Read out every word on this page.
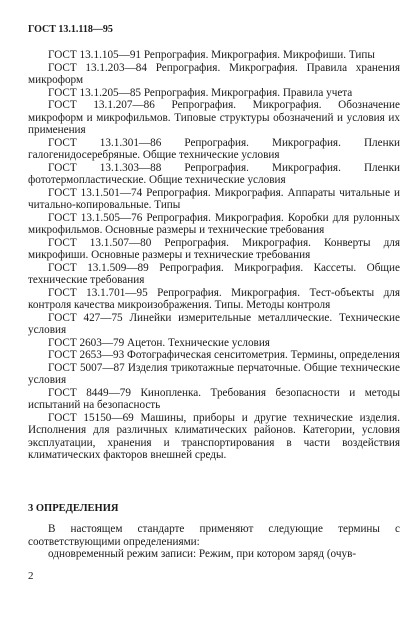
ГОСТ 13.1.118—95

ГОСТ 13.1.105—91 Репрография. Микрография. Микрофиши. Типы

ГОСТ 13.1.203—84 Репрография. Микрография. Правила хранения микроформ

ГОСТ 13.1.205—85 Репрография. Микрография. Правила учета

ГОСТ 13.1.207—86 Репрография. Микрография. Обозначение микроформ и микрофильмов. Типовые структуры обозначений и условия их применения

ГОСТ 13.1.301—86 Репрография. Микрография. Пленки галогенидосеребряные. Общие технические условия

ГОСТ 13.1.303—88 Репрография. Микрография. Пленки фототермопластические. Общие технические условия

ГОСТ 13.1.501—74 Репрография. Микрография. Аппараты читальные и читально-копировальные. Типы

ГОСТ 13.1.505—76 Репрография. Микрография. Коробки для рулонных микрофильмов. Основные размеры и технические требования

ГОСТ 13.1.507—80 Репрография. Микрография. Конверты для микрофиши. Основные размеры и технические требования

ГОСТ 13.1.509—89 Репрография. Микрография. Кассеты. Общие технические требования

ГОСТ 13.1.701—95 Репрография. Микрография. Тест-объекты для контроля качества микроизображения. Типы. Методы контроля

ГОСТ 427—75 Линейки измерительные металлические. Технические условия

ГОСТ 2603—79 Ацетон. Технические условия

ГОСТ 2653—93 Фотографическая сенситометрия. Термины, определения

ГОСТ 5007—87 Изделия трикотажные перчаточные. Общие технические условия

ГОСТ 8449—79 Кинопленка. Требования безопасности и методы испытаний на безопасность

ГОСТ 15150—69 Машины, приборы и другие технические изделия. Исполнения для различных климатических районов. Категории, условия эксплуатации, хранения и транспортирования в части воздействия климатических факторов внешней среды.

3 ОПРЕДЕЛЕНИЯ

В настоящем стандарте применяют следующие термины с соответствующими определениями:

одновременный режим записи: Режим, при котором заряд (очув-

2
